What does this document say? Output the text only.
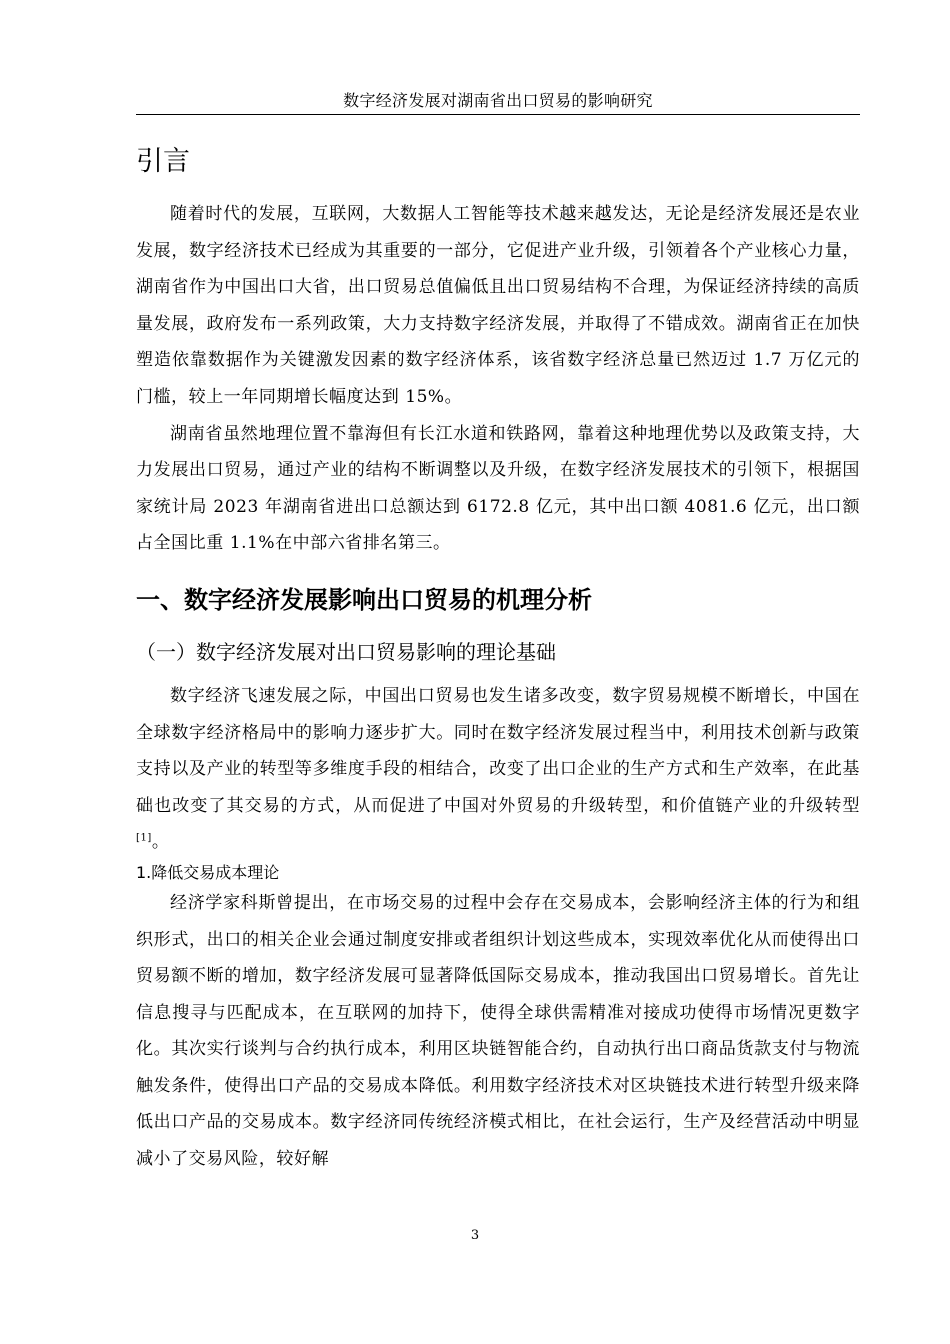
数字经济发展对湖南省出口贸易的影响研究
引言

随着时代的发展，互联网，大数据人工智能等技术越来越发达，无论是经济发展还是农业发展，数字经济技术已经成为其重要的一部分，它促进产业升级，引领着各个产业核心力量，湖南省作为中国出口大省，出口贸易总值偏低且出口贸易结构不合理，为保证经济持续的高质量发展，政府发布一系列政策，大力支持数字经济发展，并取得了不错成效。湖南省正在加快塑造依靠数据作为关键激发因素的数字经济体系，该省数字经济总量已然迈过 1.7 万亿元的门槛，较上一年同期增长幅度达到 15%。

湖南省虽然地理位置不靠海但有长江水道和铁路网，靠着这种地理优势以及政策支持，大力发展出口贸易，通过产业的结构不断调整以及升级，在数字经济发展技术的引领下，根据国家统计局 2023 年湖南省进出口总额达到 6172.8 亿元，其中出口额 4081.6 亿元，出口额占全国比重 1.1%在中部六省排名第三。

一、数字经济发展影响出口贸易的机理分析
（一）数字经济发展对出口贸易影响的理论基础

数字经济飞速发展之际，中国出口贸易也发生诸多改变，数字贸易规模不断增长，中国在全球数字经济格局中的影响力逐步扩大。同时在数字经济发展过程当中，利用技术创新与政策支持以及产业的转型等多维度手段的相结合，改变了出口企业的生产方式和生产效率，在此基础也改变了其交易的方式，从而促进了中国对外贸易的升级转型，和价值链产业的升级转型[1]。

1.降低交易成本理论

经济学家科斯曾提出，在市场交易的过程中会存在交易成本，会影响经济主体的行为和组织形式，出口的相关企业会通过制度安排或者组织计划这些成本，实现效率优化从而使得出口贸易额不断的增加，数字经济发展可显著降低国际交易成本，推动我国出口贸易增长。首先让信息搜寻与匹配成本，在互联网的加持下，使得全球供需精准对接成功使得市场情况更数字化。其次实行谈判与合约执行成本，利用区块链智能合约，自动执行出口商品货款支付与物流触发条件，使得出口产品的交易成本降低。利用数字经济技术对区块链技术进行转型升级来降低出口产品的交易成本。数字经济同传统经济模式相比，在社会运行，生产及经营活动中明显减小了交易风险，较好解

3
